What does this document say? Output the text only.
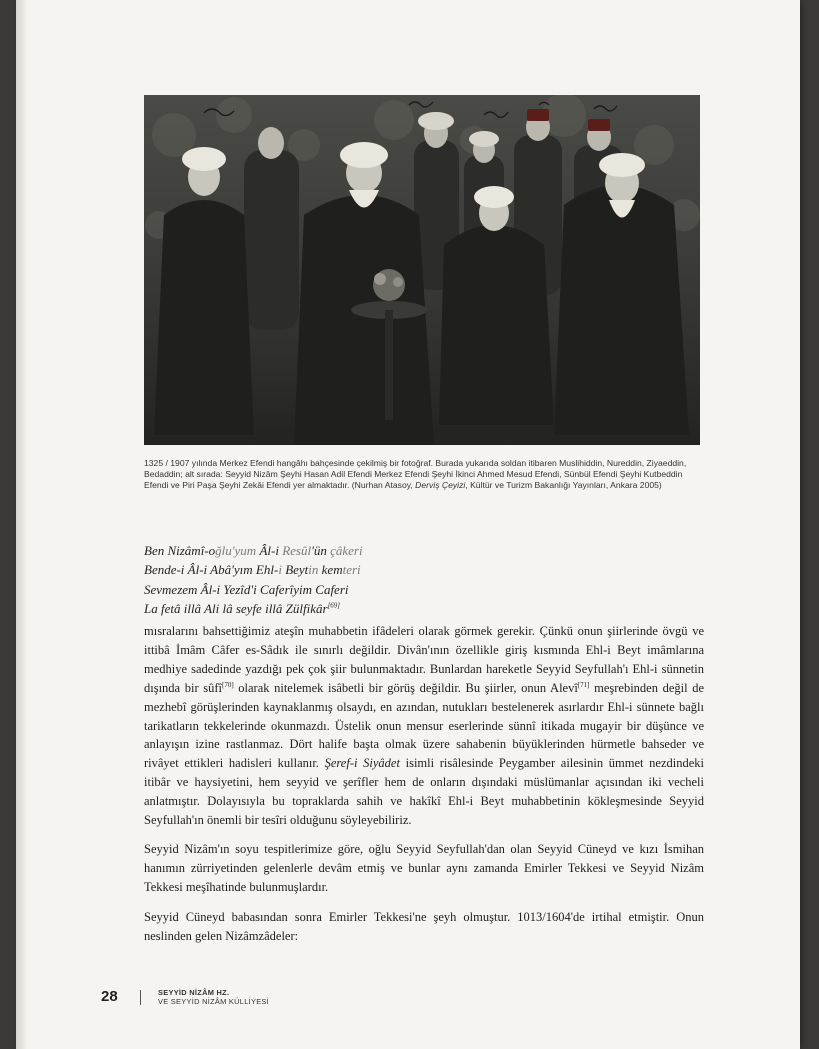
1325 / 1907 yılında Merkez Efendi hangâhı bahçesinde çekilmiş bir fotoğraf. Burada yukarıda soldan itibaren Muslihiddin, Nureddin, Ziyaeddin, Bedaddin; alt sırada: Seyyid Nizâm Şeyhi Hasan Adil Efendi Merkez Efendi Şeyhi İkinci Ahmed Mesud Efendi, Sünbül Efendi Şeyhi Kutbeddin Efendi ve Piri Paşa Şeyhi Zekâi Efendi yer almaktadır. (Nurhan Atasoy, Derviş Çeyizi, Kültür ve Turizm Bakanlığı Yayınları, Ankara 2005)
Ben Nizâmî-oğlu'yum Âl-i Resûl'ün çâkeri
Bende-i Âl-i Abâ'yım Ehl-i Beytin kemteri
Sevmezem Âl-i Yezîd'i Caferîyim Caferi
La fetâ illâ Ali lâ seyfe illâ Zülfikâr[69]

mısralarını bahsettiğimiz ateşîn muhabbetin ifâdeleri olarak görmek gerekir. Çünkü onun şiirlerinde övgü ve ittibâ İmâm Câfer es-Sâdık ile sınırlı değildir. Divân'ının özellikle giriş kısmında Ehl-i Beyt imâmlarına medhiye sadedinde yazdığı pek çok şiir bulunmaktadır. Bunlardan hareketle Seyyid Seyfullah'ı Ehl-i sünnetin dışında bir sûfî[70] olarak nitelemek isâbetli bir görüş değildir. Bu şiirler, onun Alevî[71] meşrebinden değil de mezhebî görüşlerinden kaynaklanmış olsaydı, en azından, nutukları bestelenerek asırlardır Ehl-i sünnete bağlı tarikatların tekkelerinde okunmazdı. Üstelik onun mensur eserlerinde sünnî itikada mugayir bir düşünce ve anlayışın izine rastlanmaz. Dört halife başta olmak üzere sahabenin büyüklerinden hürmetle bahseder ve rivâyet ettikleri hadisleri kullanır. Şeref-i Siyâdet isimli risâlesinde Peygamber ailesinin ümmet nezdindeki itibâr ve haysiyetini, hem seyyid ve şerîfler hem de onların dışındaki müslümanlar açısından iki vecheli anlatmıştır. Dolayısıyla bu topraklarda sahih ve hakîkî Ehl-i Beyt muhabbetinin kökleşmesinde Seyyid Seyfullah'ın önemli bir tesîri olduğunu söyleyebiliriz.

Seyyid Nizâm'ın soyu tespitlerimize göre, oğlu Seyyid Seyfullah'dan olan Seyyid Cüneyd ve kızı İsmihan hanımın zürriyetinden gelenlerle devâm etmiş ve bunlar aynı zamanda Emirler Tekkesi ve Seyyid Nizâm Tekkesi meşîhatinde bulunmuşlardır.

Seyyid Cüneyd babasından sonra Emirler Tekkesi'ne şeyh olmuştur. 1013/1604'de irtihal etmiştir. Onun neslinden gelen Nizâmzâdeler:

28	SEYYİD NİZÂM HZ.
VE SEYYİD NİZÂM KÜLLİYESİ
